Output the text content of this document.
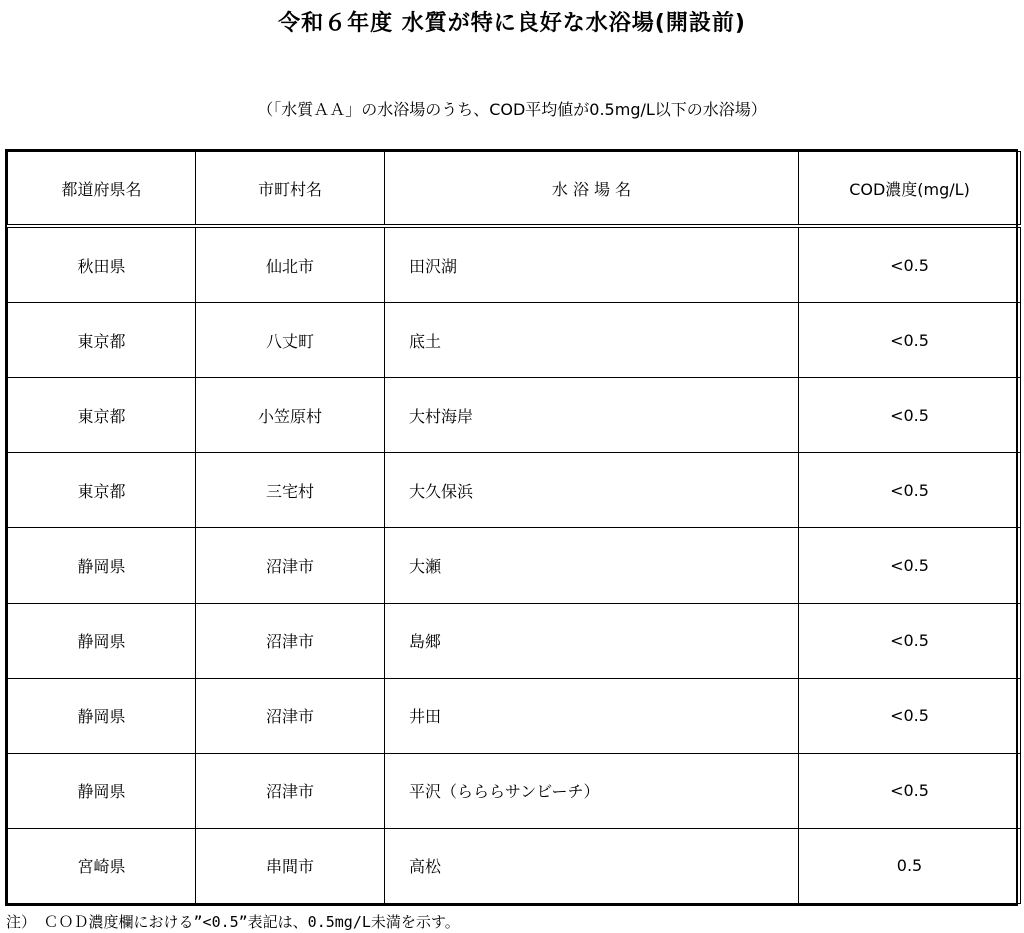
令和６年度 水質が特に良好な水浴場(開設前)
（「水質ＡＡ」の水浴場のうち、COD平均値が0.5mg/L以下の水浴場）
都道府県名	市町村名	水 浴 場 名	COD濃度(mg/L)
秋田県	仙北市	田沢湖	<0.5
東京都	八丈町	底土	<0.5
東京都	小笠原村	大村海岸	<0.5
東京都	三宅村	大久保浜	<0.5
静岡県	沼津市	大瀬	<0.5
静岡県	沼津市	島郷	<0.5
静岡県	沼津市	井田	<0.5
静岡県	沼津市	平沢（らららサンビーチ）	<0.5
宮崎県	串間市	高松	0.5
注）　ＣＯＤ濃度欄における”<0.5”表記は、0.5mg/L未満を示す。
